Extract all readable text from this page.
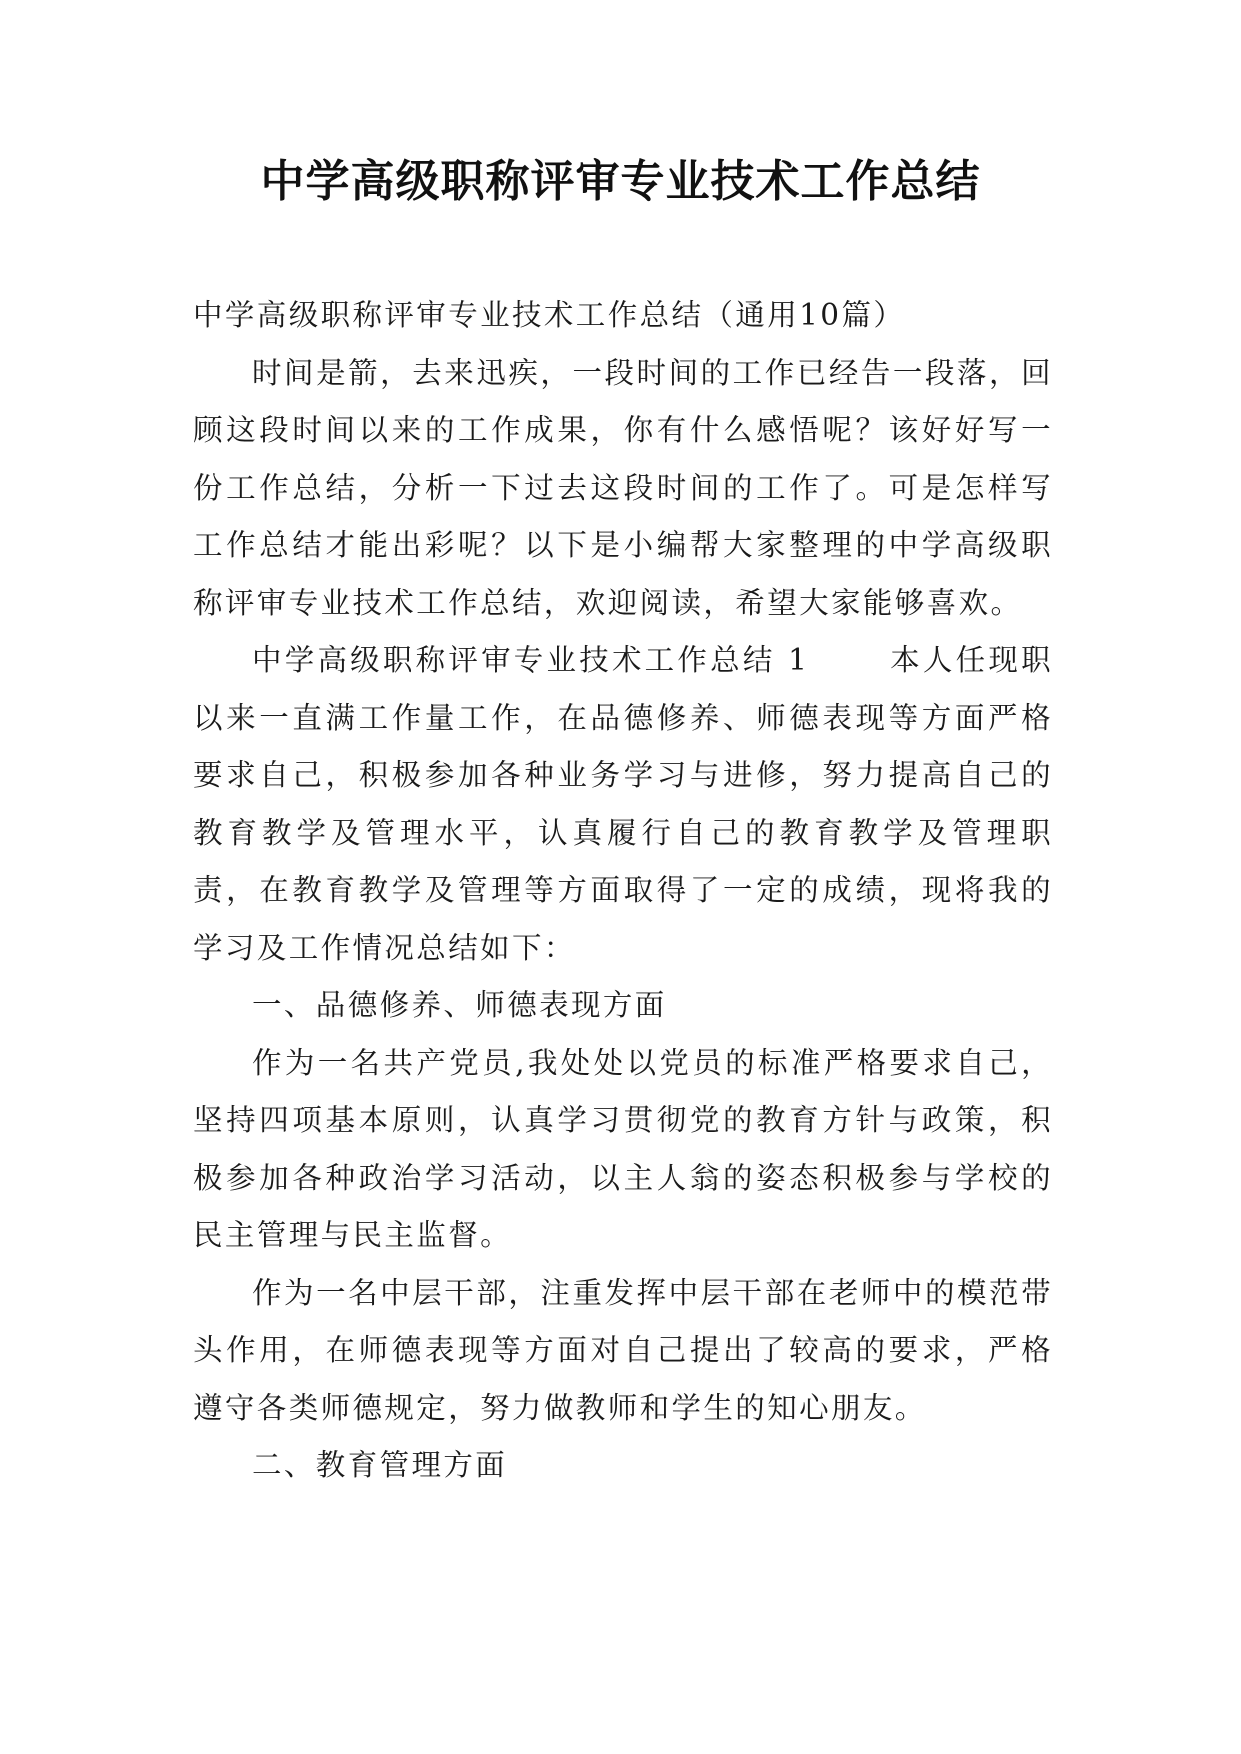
中学高级职称评审专业技术工作总结

中学高级职称评审专业技术工作总结（通用10篇）

时间是箭，去来迅疾，一段时间的工作已经告一段落，回顾这段时间以来的工作成果，你有什么感悟呢？该好好写一份工作总结，分析一下过去这段时间的工作了。可是怎样写工作总结才能出彩呢？以下是小编帮大家整理的中学高级职称评审专业技术工作总结，欢迎阅读，希望大家能够喜欢。

中学高级职称评审专业技术工作总结 1	本人任现职以来一直满工作量工作，在品德修养、师德表现等方面严格要求自己，积极参加各种业务学习与进修，努力提高自己的教育教学及管理水平，认真履行自己的教育教学及管理职责，在教育教学及管理等方面取得了一定的成绩，现将我的学习及工作情况总结如下：

一、品德修养、师德表现方面

作为一名共产党员,我处处以党员的标准严格要求自己，坚持四项基本原则，认真学习贯彻党的教育方针与政策，积极参加各种政治学习活动，以主人翁的姿态积极参与学校的民主管理与民主监督。

作为一名中层干部，注重发挥中层干部在老师中的模范带头作用，在师德表现等方面对自己提出了较高的要求，严格遵守各类师德规定，努力做教师和学生的知心朋友。

二、教育管理方面
